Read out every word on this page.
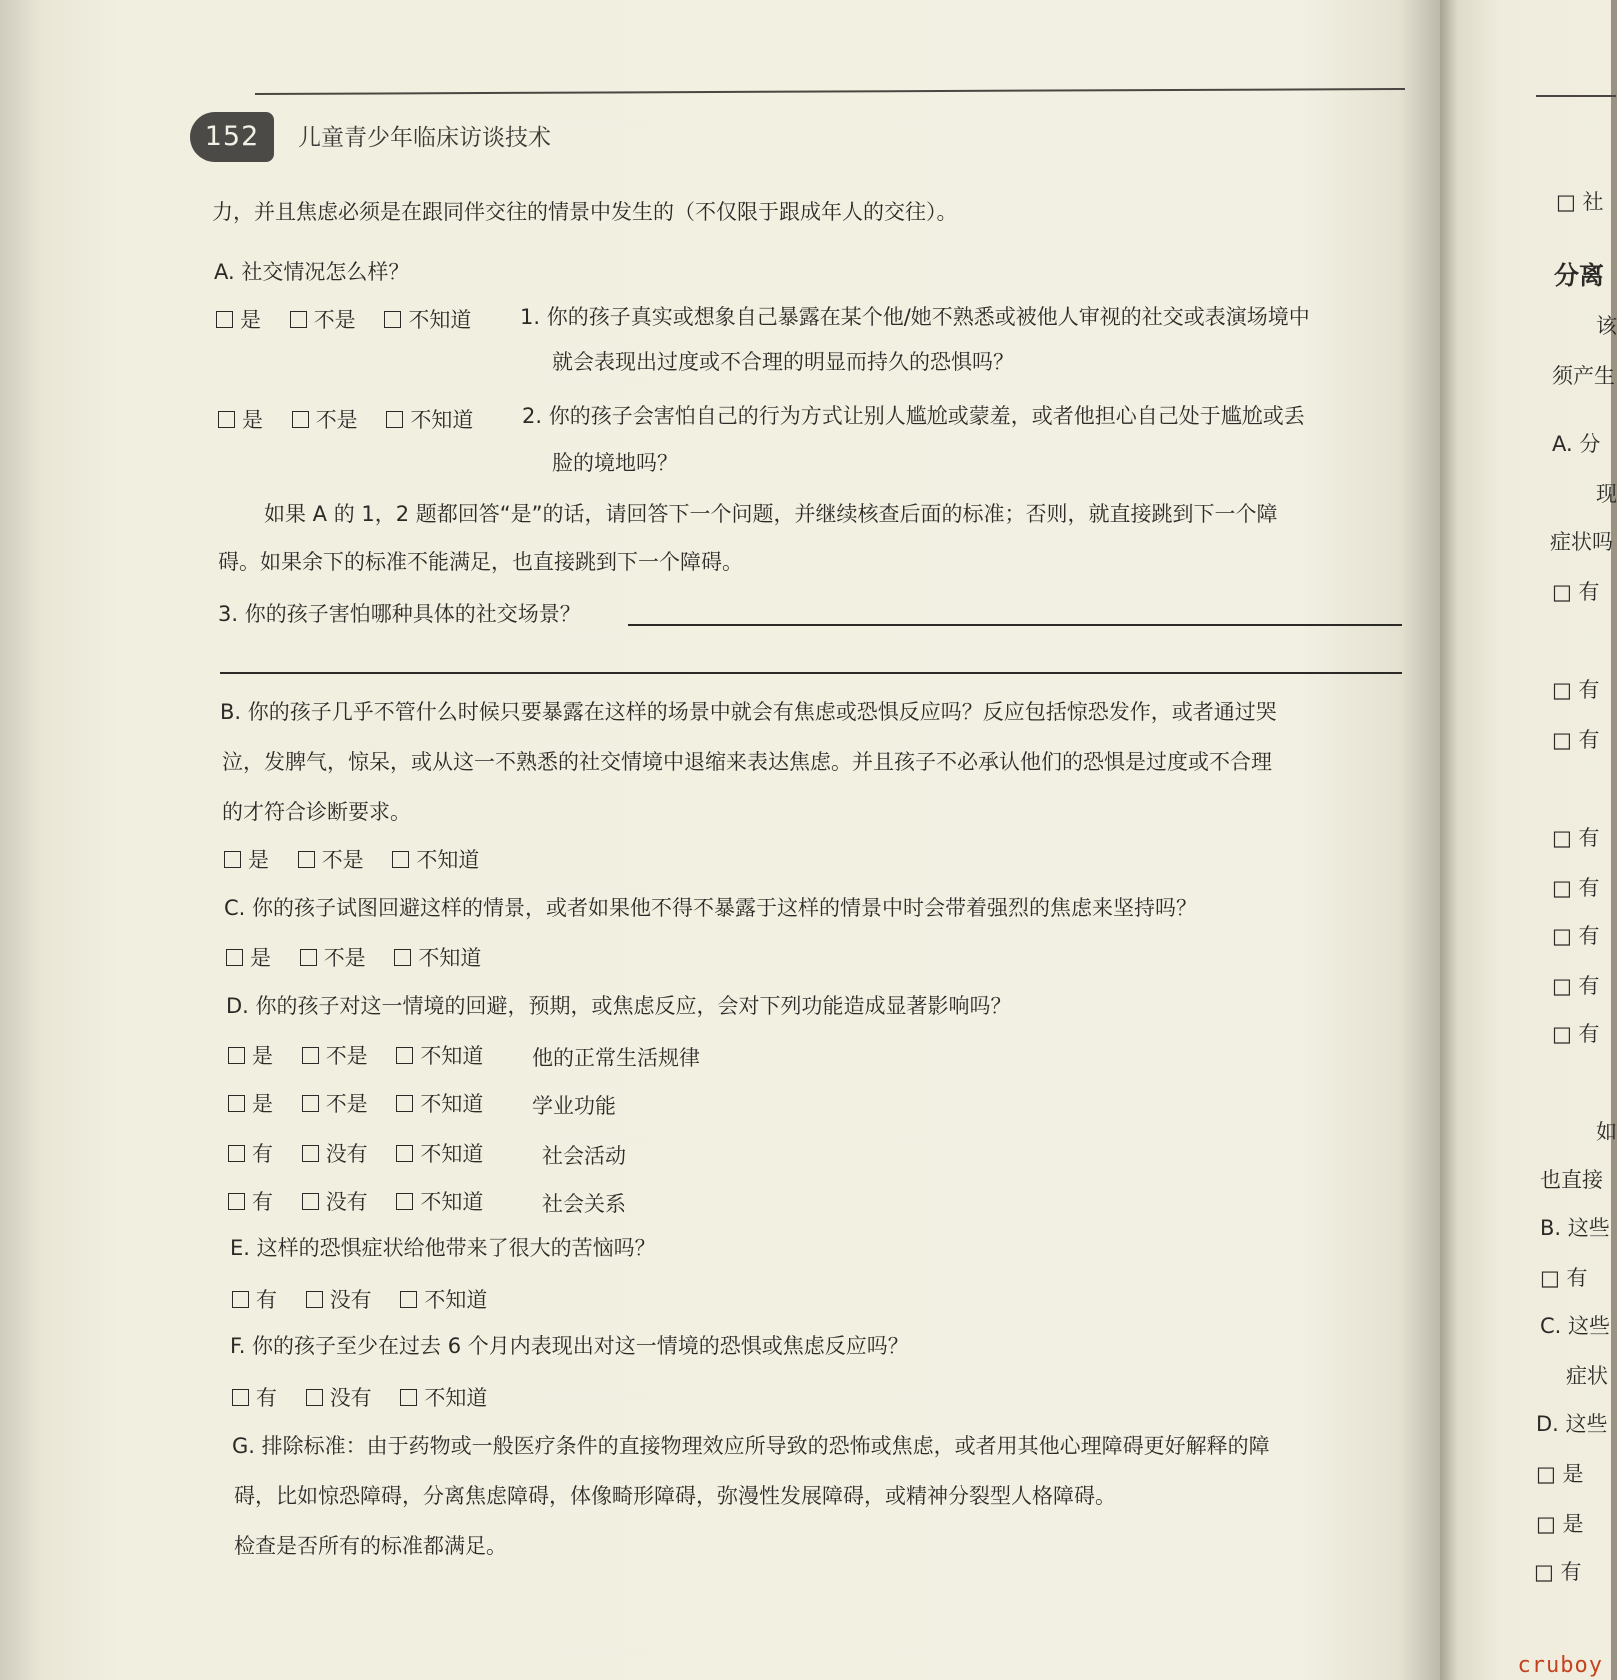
152	儿童青少年临床访谈技术
力，并且焦虑必须是在跟同伴交往的情景中发生的（不仅限于跟成年人的交往）。
A. 社交情况怎么样？
是	不是	不知道	1. 你的孩子真实或想象自己暴露在某个他/她不熟悉或被他人审视的社交或表演场境中
就会表现出过度或不合理的明显而持久的恐惧吗？
是	不是	不知道	2. 你的孩子会害怕自己的行为方式让别人尴尬或蒙羞，或者他担心自己处于尴尬或丢
脸的境地吗？
如果 A 的 1，2 题都回答“是”的话，请回答下一个问题，并继续核查后面的标准；否则，就直接跳到下一个障
碍。如果余下的标准不能满足，也直接跳到下一个障碍。
3. 你的孩子害怕哪种具体的社交场景？
B. 你的孩子几乎不管什么时候只要暴露在这样的场景中就会有焦虑或恐惧反应吗？反应包括惊恐发作，或者通过哭
泣，发脾气，惊呆，或从这一不熟悉的社交情境中退缩来表达焦虑。并且孩子不必承认他们的恐惧是过度或不合理
的才符合诊断要求。
是	不是	不知道
C. 你的孩子试图回避这样的情景，或者如果他不得不暴露于这样的情景中时会带着强烈的焦虑来坚持吗？
是	不是	不知道
D. 你的孩子对这一情境的回避，预期，或焦虑反应，会对下列功能造成显著影响吗？
是	不是	不知道	他的正常生活规律
是	不是	不知道	学业功能
有	没有	不知道	社会活动
有	没有	不知道	社会关系
E. 这样的恐惧症状给他带来了很大的苦恼吗？
有	没有	不知道
F. 你的孩子至少在过去 6 个月内表现出对这一情境的恐惧或焦虑反应吗？
有	没有	不知道
G. 排除标准：由于药物或一般医疗条件的直接物理效应所导致的恐怖或焦虑，或者用其他心理障碍更好解释的障
碍，比如惊恐障碍，分离焦虑障碍，体像畸形障碍，弥漫性发展障碍，或精神分裂型人格障碍。
检查是否所有的标准都满足。
□ 社
分离
该
须产生
A. 分
现
症状吗
□ 有
□ 有
□ 有
□ 有
□ 有
□ 有
□ 有
□ 有
如
也直接
B. 这些
□ 有
C. 这些
症状
D. 这些
□ 是
□ 是
□ 有
cruboy
